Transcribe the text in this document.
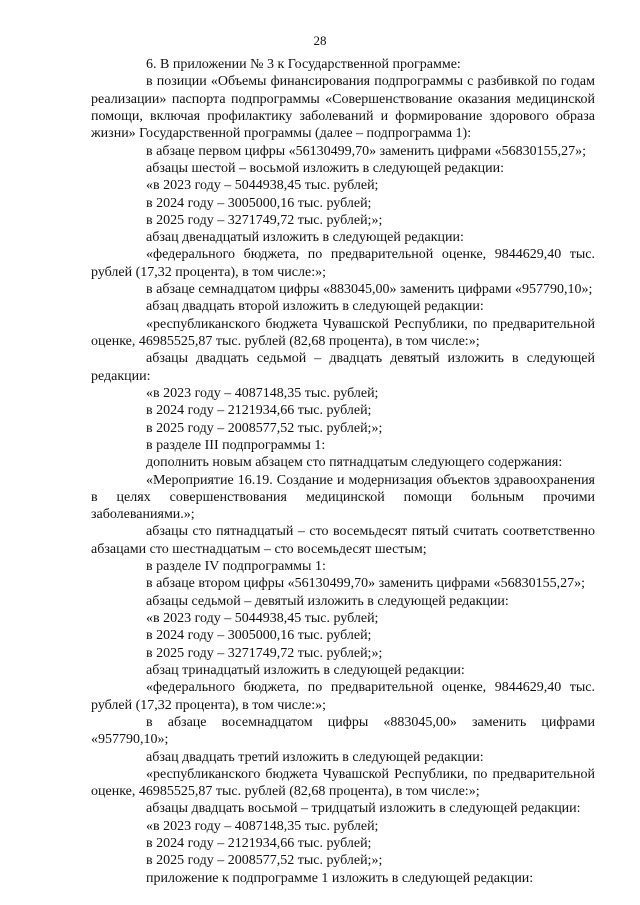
28

6. В приложении № 3 к Государственной программе:

в позиции «Объемы финансирования подпрограммы с разбивкой по годам реализации» паспорта подпрограммы «Совершенствование оказания медицинской помощи, включая профилактику заболеваний и формирование здорового образа жизни» Государственной программы (далее – подпрограмма 1):

в абзаце первом цифры «56130499,70» заменить цифрами «56830155,27»;

абзацы шестой – восьмой изложить в следующей редакции:

«в 2023 году – 5044938,45 тыс. рублей;

в 2024 году – 3005000,16 тыс. рублей;

в 2025 году – 3271749,72 тыс. рублей;»;

абзац двенадцатый изложить в следующей редакции:

«федерального бюджета, по предварительной оценке, 9844629,40 тыс. рублей (17,32 процента), в том числе:»;

в абзаце семнадцатом цифры «883045,00» заменить цифрами «957790,10»;

абзац двадцать второй изложить в следующей редакции:

«республиканского бюджета Чувашской Республики, по предварительной оценке, 46985525,87 тыс. рублей (82,68 процента), в том числе:»;

абзацы двадцать седьмой – двадцать девятый изложить в следующей редакции:

«в 2023 году – 4087148,35 тыс. рублей;

в 2024 году – 2121934,66 тыс. рублей;

в 2025 году – 2008577,52 тыс. рублей;»;

в разделе III подпрограммы 1:

дополнить новым абзацем сто пятнадцатым следующего содержания:

«Мероприятие 16.19. Создание и модернизация объектов здравоохранения в целях совершенствования медицинской помощи больным прочими заболеваниями.»;

абзацы сто пятнадцатый – сто восемьдесят пятый считать соответственно абзацами сто шестнадцатым – сто восемьдесят шестым;

в разделе IV подпрограммы 1:

в абзаце втором цифры «56130499,70» заменить цифрами «56830155,27»;

абзацы седьмой – девятый изложить в следующей редакции:

«в 2023 году – 5044938,45 тыс. рублей;

в 2024 году – 3005000,16 тыс. рублей;

в 2025 году – 3271749,72 тыс. рублей;»;

абзац тринадцатый изложить в следующей редакции:

«федерального бюджета, по предварительной оценке, 9844629,40 тыс. рублей (17,32 процента), в том числе:»;

в абзаце восемнадцатом цифры «883045,00» заменить цифрами «957790,10»;

абзац двадцать третий изложить в следующей редакции:

«республиканского бюджета Чувашской Республики, по предварительной оценке, 46985525,87 тыс. рублей (82,68 процента), в том числе:»;

абзацы двадцать восьмой – тридцатый изложить в следующей редакции:

«в 2023 году – 4087148,35 тыс. рублей;

в 2024 году – 2121934,66 тыс. рублей;

в 2025 году – 2008577,52 тыс. рублей;»;

приложение к подпрограмме 1 изложить в следующей редакции:
